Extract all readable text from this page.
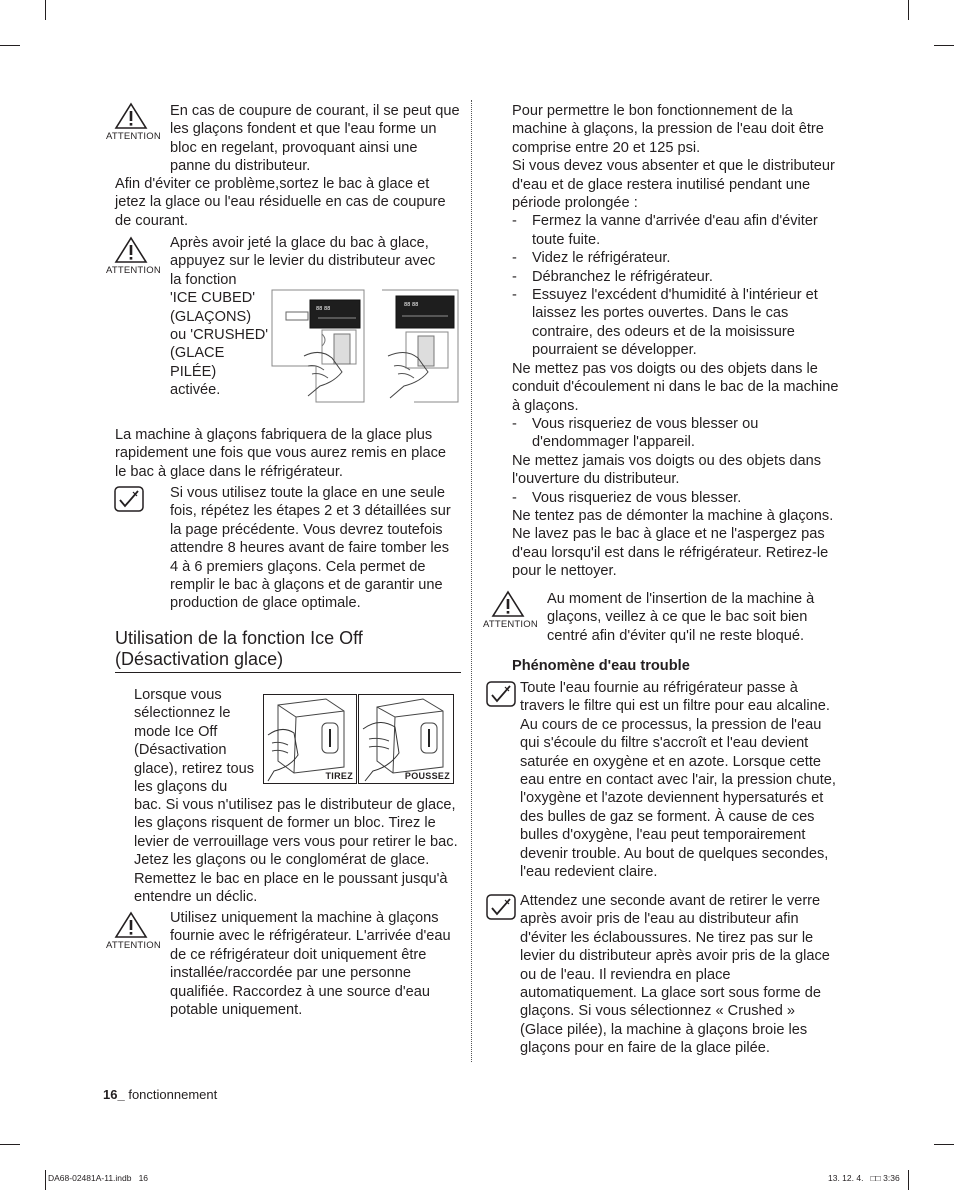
ATTENTION

En cas de coupure de courant, il se peut que les glaçons fondent et que l'eau forme un bloc en regelant, provoquant ainsi une panne du distributeur.

Afin d'éviter ce problème,sortez le bac à glace et jetez la glace ou l'eau résiduelle en cas de coupure de courant.

ATTENTION
Après avoir jeté la glace du bac à glace, appuyez sur le levier du distributeur avec
la fonction
'ICE CUBED'
(GLAÇONS)
ou 'CRUSHED'
(GLACE
PILÉE)
activée.
88 88
88 88

La machine à glaçons fabriquera de la glace plus rapidement une fois que vous aurez remis en place le bac à glace dans le réfrigérateur.

Si vous utilisez toute la glace en une seule fois, répétez les étapes 2 et 3 détaillées sur la page précédente. Vous devrez toutefois attendre 8 heures avant de faire tomber les 4 à 6 premiers glaçons. Cela permet de remplir le bac à glaçons et de garantir une production de glace optimale.

Utilisation de la fonction Ice Off
(Désactivation glace)
Lorsque vous
sélectionnez le
mode Ice Off
(Désactivation
glace), retirez tous
les glaçons du
TIREZ	POUSSEZ

bac. Si vous n'utilisez pas le distributeur de glace, les glaçons risquent de former un bloc. Tirez le levier de verrouillage vers vous pour retirer le bac. Jetez les glaçons ou le conglomérat de glace. Remettez le bac en place en le poussant jusqu'à entendre un déclic.

ATTENTION

Utilisez uniquement la machine à glaçons fournie avec le réfrigérateur. L'arrivée d'eau de ce réfrigérateur doit uniquement être installée/raccordée par une personne qualifiée. Raccordez à une source d'eau potable uniquement.

Pour permettre le bon fonctionnement de la machine à glaçons, la pression de l'eau doit être comprise entre 20 et 125 psi.

Si vous devez vous absenter et que le distributeur d'eau et de glace restera inutilisé pendant une période prolongée :

- Fermez la vanne d'arrivée d'eau afin d'éviter toute fuite.
- Videz le réfrigérateur.
- Débranchez le réfrigérateur.
- Essuyez l'excédent d'humidité à l'intérieur et laissez les portes ouvertes. Dans le cas contraire, des odeurs et de la moisissure pourraient se développer.

Ne mettez pas vos doigts ou des objets dans le conduit d'écoulement ni dans le bac de la machine à glaçons.

- Vous risqueriez de vous blesser ou d'endommager l'appareil.

Ne mettez jamais vos doigts ou des objets dans l'ouverture du distributeur.

- Vous risqueriez de vous blesser.

Ne tentez pas de démonter la machine à glaçons. Ne lavez pas le bac à glace et ne l'aspergez pas d'eau lorsqu'il est dans le réfrigérateur. Retirez-le pour le nettoyer.

ATTENTION

Au moment de l'insertion de la machine à glaçons, veillez à ce que le bac soit bien centré afin d'éviter qu'il ne reste bloqué.

Phénomène d'eau trouble

Toute l'eau fournie au réfrigérateur passe à travers le filtre qui est un filtre pour eau alcaline. Au cours de ce processus, la pression de l'eau qui s'écoule du filtre s'accroît et l'eau devient saturée en oxygène et en azote. Lorsque cette eau entre en contact avec l'air, la pression chute, l'oxygène et l'azote deviennent hypersaturés et des bulles de gaz se forment. À cause de ces bulles d'oxygène, l'eau peut temporairement devenir trouble. Au bout de quelques secondes, l'eau redevient claire.

Attendez une seconde avant de retirer le verre après avoir pris de l'eau au distributeur afin d'éviter les éclaboussures. Ne tirez pas sur le levier du distributeur après avoir pris de la glace ou de l'eau. Il reviendra en place automatiquement. La glace sort sous forme de glaçons. Si vous sélectionnez « Crushed » (Glace pilée), la machine à glaçons broie les glaçons pour en faire de la glace pilée.

16_ fonctionnement
DA68-02481A-11.indb   16	13. 12. 4.   □□ 3:36
